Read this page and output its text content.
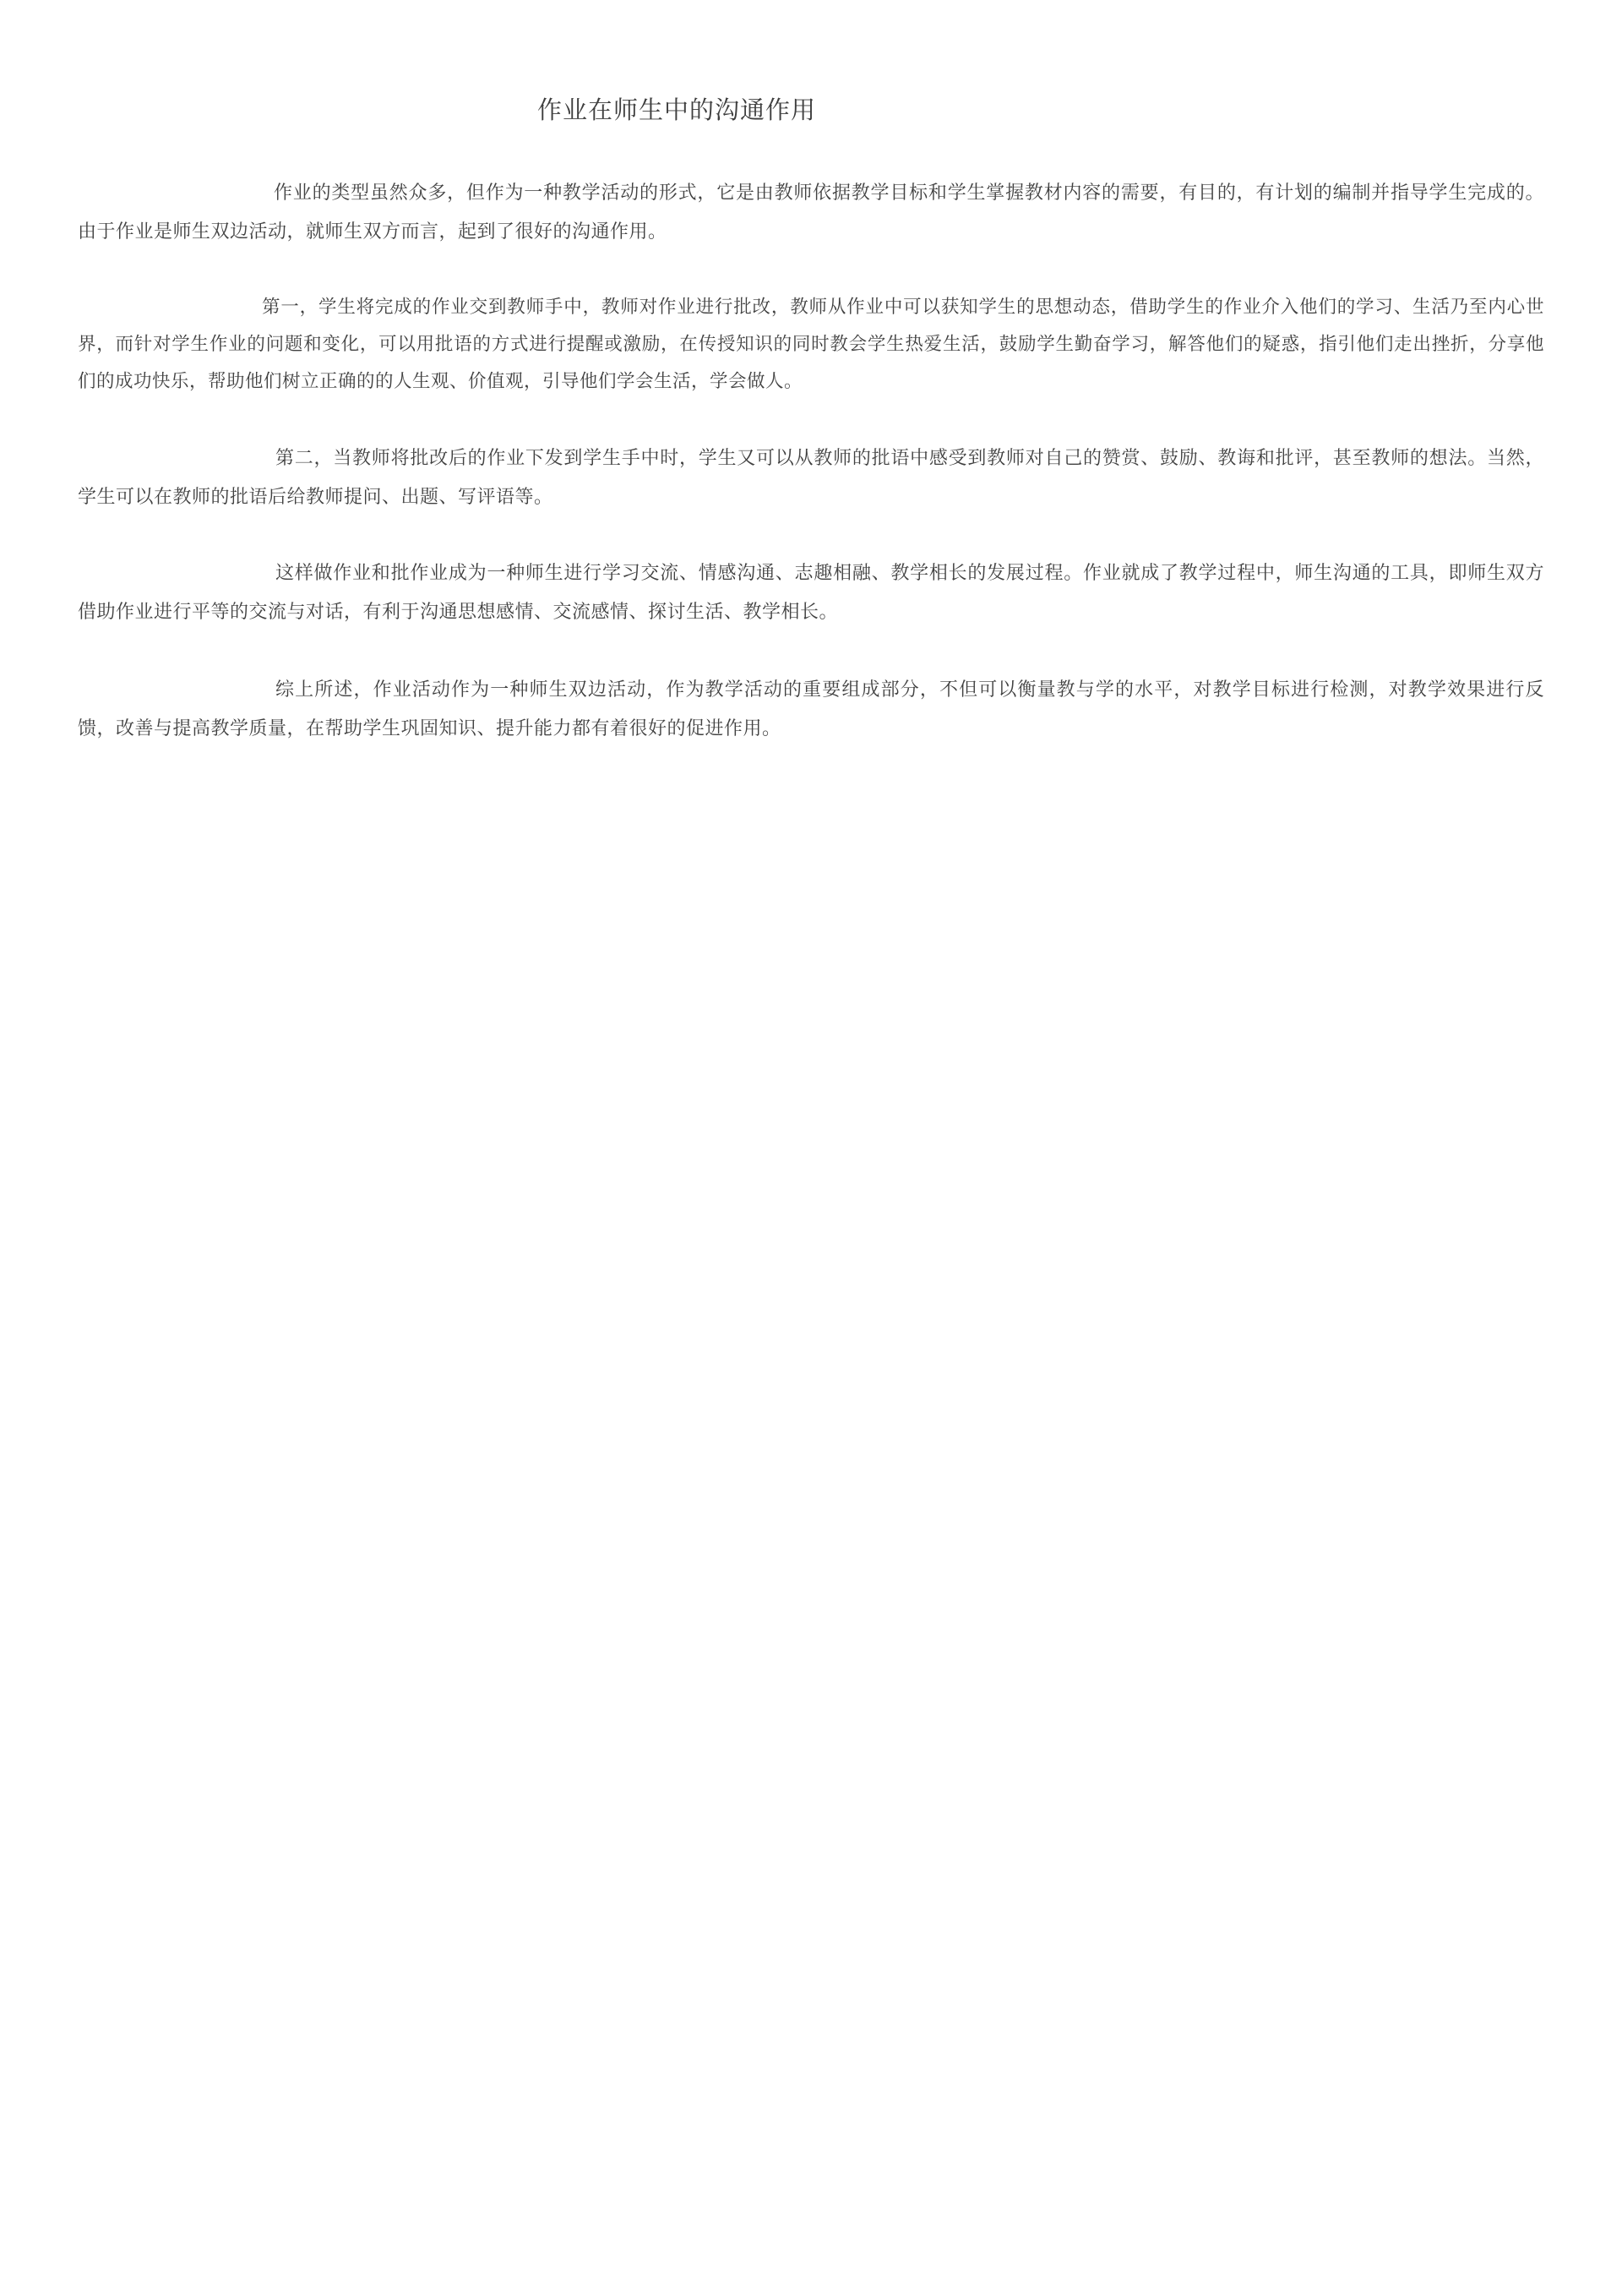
作业在师生中的沟通作用

作业的类型虽然众多，但作为一种教学活动的形式，它是由教师依据教学目标和学生掌握教材内容的需要，有目的，有计划的编制并指导学生完成的。由于作业是师生双边活动，就师生双方而言，起到了很好的沟通作用。

第一，学生将完成的作业交到教师手中，教师对作业进行批改，教师从作业中可以获知学生的思想动态，借助学生的作业介入他们的学习、生活乃至内心世界，而针对学生作业的问题和变化，可以用批语的方式进行提醒或激励，在传授知识的同时教会学生热爱生活，鼓励学生勤奋学习，解答他们的疑惑，指引他们走出挫折，分享他们的成功快乐，帮助他们树立正确的的人生观、价值观，引导他们学会生活，学会做人。

第二，当教师将批改后的作业下发到学生手中时，学生又可以从教师的批语中感受到教师对自己的赞赏、鼓励、教诲和批评，甚至教师的想法。当然，学生可以在教师的批语后给教师提问、出题、写评语等。

这样做作业和批作业成为一种师生进行学习交流、情感沟通、志趣相融、教学相长的发展过程。作业就成了教学过程中，师生沟通的工具，即师生双方借助作业进行平等的交流与对话，有利于沟通思想感情、交流感情、探讨生活、教学相长。

综上所述，作业活动作为一种师生双边活动，作为教学活动的重要组成部分，不但可以衡量教与学的水平，对教学目标进行检测，对教学效果进行反馈，改善与提高教学质量，在帮助学生巩固知识、提升能力都有着很好的促进作用。
